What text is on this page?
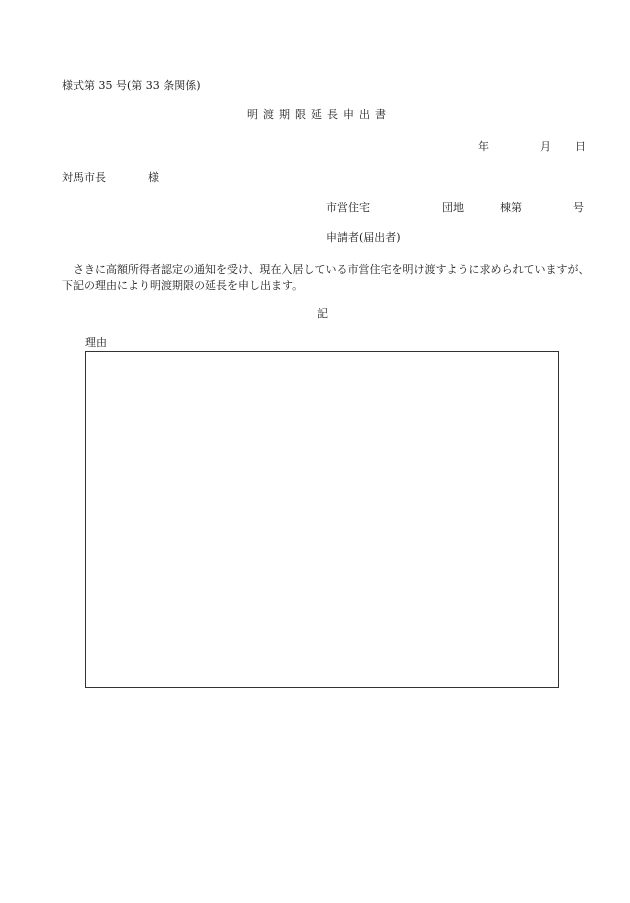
様式第 35 号(第 33 条関係)
明渡期限延長申出書
年	月 日
対馬市長	様
市営住宅	団地	棟第	号
申請者(届出者)
さきに高額所得者認定の通知を受け、現在入居している市営住宅を明け渡すように求められていますが、下記の理由により明渡期限の延長を申し出ます。
記
理由
